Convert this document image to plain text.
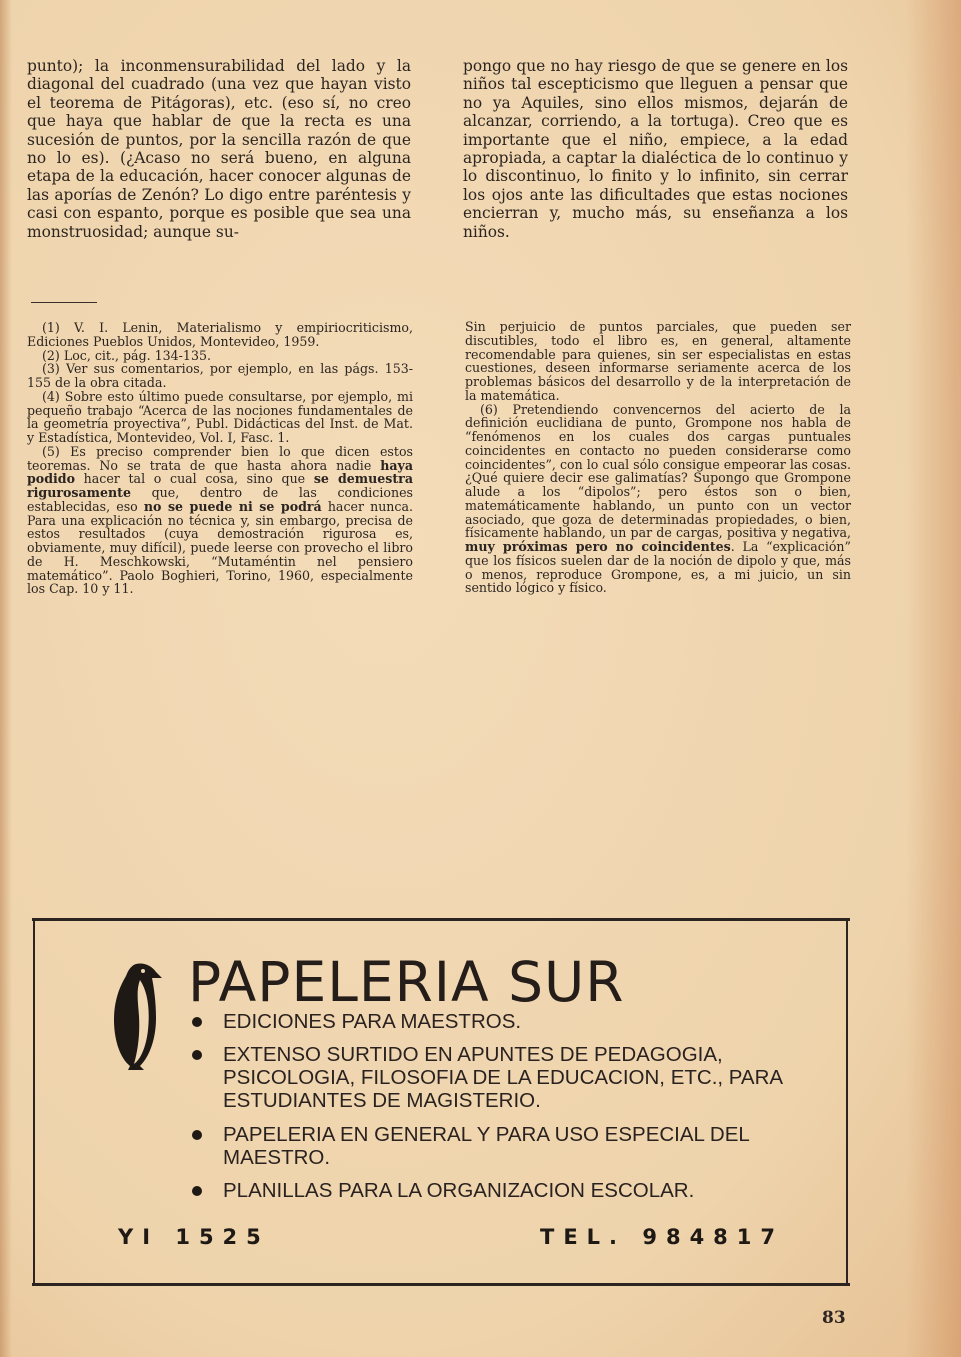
punto); la inconmensurabilidad del lado y la diagonal del cuadrado (una vez que hayan visto el teorema de Pitágoras), etc. (eso sí, no creo que haya que hablar de que la recta es una sucesión de puntos, por la sencilla razón de que no lo es). (¿Acaso no será bueno, en alguna etapa de la educación, hacer conocer algunas de las aporías de Zenón? Lo digo entre paréntesis y casi con espanto, porque es posible que sea una monstruosidad; aunque su-

pongo que no hay riesgo de que se genere en los niños tal escepticismo que lleguen a pensar que no ya Aquiles, sino ellos mismos, dejarán de alcanzar, corriendo, a la tortuga). Creo que es importante que el niño, empiece, a la edad apropiada, a captar la dialéctica de lo continuo y lo discontinuo, lo finito y lo infinito, sin cerrar los ojos ante las dificultades que estas nociones encierran y, mucho más, su enseñanza a los niños.

(1) V. I. Lenin, Materialismo y empiriocriticismo, Ediciones Pueblos Unidos, Montevideo, 1959.

(2) Loc, cit., pág. 134-135.

(3) Ver sus comentarios, por ejemplo, en las págs. 153-155 de la obra citada.

(4) Sobre esto último puede consultarse, por ejemplo, mi pequeño trabajo “Acerca de las nociones fundamentales de la geometría proyectiva”, Publ. Didácticas del Inst. de Mat. y Estadística, Montevideo, Vol. I, Fasc. 1.

(5) Es preciso comprender bien lo que dicen estos teoremas. No se trata de que hasta ahora nadie haya podido hacer tal o cual cosa, sino que se demuestra rigurosamente que, dentro de las condiciones establecidas, eso no se puede ni se podrá hacer nunca. Para una explicación no técnica y, sin embargo, precisa de estos resultados (cuya demostración rigurosa es, obviamente, muy difícil), puede leerse con provecho el libro de H. Meschkowski, “Mutaméntin nel pensiero matemático”. Paolo Boghieri, Torino, 1960, especialmente los Cap. 10 y 11.

Sin perjuicio de puntos parciales, que pueden ser discutibles, todo el libro es, en general, altamente recomendable para quienes, sin ser especialistas en estas cuestiones, deseen informarse seriamente acerca de los problemas básicos del desarrollo y de la interpretación de la matemática.

(6) Pretendiendo convencernos del acierto de la definición euclidiana de punto, Grompone nos habla de “fenómenos en los cuales dos cargas puntuales coincidentes en contacto no pueden considerarse como coincidentes”, con lo cual sólo consigue empeorar las cosas. ¿Qué quiere decir ese galimatías? Supongo que Grompone alude a los “dipolos”; pero éstos son o bien, matemáticamente hablando, un punto con un vector asociado, que goza de determinadas propiedades, o bien, físicamente hablando, un par de cargas, positiva y negativa, muy próximas pero no coincidentes. La “explicación” que los físicos suelen dar de la noción de dipolo y que, más o menos, reproduce Grompone, es, a mi juicio, un sin sentido lógico y físico.

PAPELERIA SUR
EDICIONES PARA MAESTROS.
EXTENSO SURTIDO EN APUNTES DE PEDAGOGIA, PSICOLOGIA, FILOSOFIA DE LA EDUCACION, ETC., PARA ESTUDIANTES DE MAGISTERIO.
PAPELERIA EN GENERAL Y PARA USO ESPECIAL DEL MAESTRO.
PLANILLAS PARA LA ORGANIZACION ESCOLAR.
YI 1525	TEL. 984817
83
